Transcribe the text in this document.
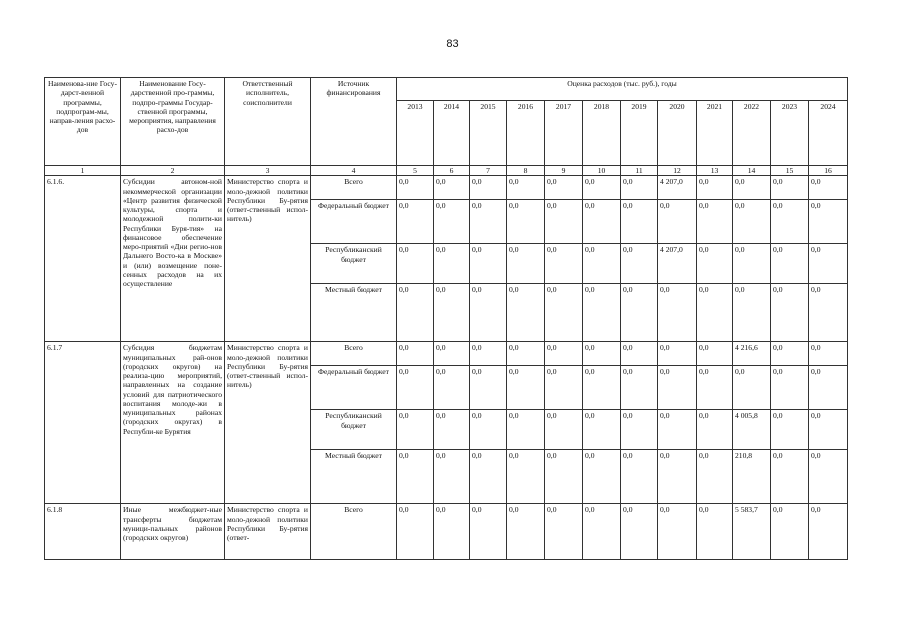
83
Наименова-ние Госу-дарст-венной программы, подпрограм-мы, направ-ления расхо-дов	Наименование Госу-дарственной про-граммы, подпро-граммы Государ-ственной программы, мероприятия, направления расхо-дов	Ответственный исполнитель, соисполнители	Источник финансирования	Оценка расходов (тыс. руб.), годы											
				2013	2014	2015	2016	2017	2018	2019	2020	2021	2022	2023	2024
1	2	3	4	5	6	7	8	9	10	11	12	13	14	15	16
6.1.6.	Субсидии автоном-ной некоммерческой организации «Центр развития физической культуры, спорта и молодежной полити-ки Республики Буря-тия» на финансовое обеспечение меро-приятий «Дни регио-нов Дальнего Восто-ка в Москве» и (или) возмещение поне-сенных расходов на их осуществление	Министерство спорта и моло-дежной политики Республики Бу-рятия (ответ-ственный испол-нитель)	Всего	0,0	0,0	0,0	0,0	0,0	0,0	0,0	4 207,0	0,0	0,0	0,0	0,0
			Федеральный бюджет	0,0	0,0	0,0	0,0	0,0	0,0	0,0	0,0	0,0	0,0	0,0	0,0
			Республиканский бюджет	0,0	0,0	0,0	0,0	0,0	0,0	0,0	4 207,0	0,0	0,0	0,0	0,0
			Местный бюджет	0,0	0,0	0,0	0,0	0,0	0,0	0,0	0,0	0,0	0,0	0,0	0,0
6.1.7	Субсидия бюджетам муниципальных рай-онов (городских округов) на реализа-цию мероприятий, направленных на создание условий для патриотического воспитания молоде-жи в муниципальных районах (городских округах) в Республи-ке Бурятия	Министерство спорта и моло-дежной политики Республики Бу-рятия (ответ-ственный испол-нитель)	Всего	0,0	0,0	0,0	0,0	0,0	0,0	0,0	0,0	0,0	4 216,6	0,0	0,0
			Федеральный бюджет	0,0	0,0	0,0	0,0	0,0	0,0	0,0	0,0	0,0	0,0	0,0	0,0
			Республиканский бюджет	0,0	0,0	0,0	0,0	0,0	0,0	0,0	0,0	0,0	4 005,8	0,0	0,0
			Местный бюджет	0,0	0,0	0,0	0,0	0,0	0,0	0,0	0,0	0,0	210,8	0,0	0,0
6.1.8	Иные межбюджет-ные трансферты бюджетам муници-пальных районов (городских округов)	Министерство спорта и моло-дежной политики Республики Бу-рятия (ответ-	Всего	0,0	0,0	0,0	0,0	0,0	0,0	0,0	0,0	0,0	5 583,7	0,0	0,0
